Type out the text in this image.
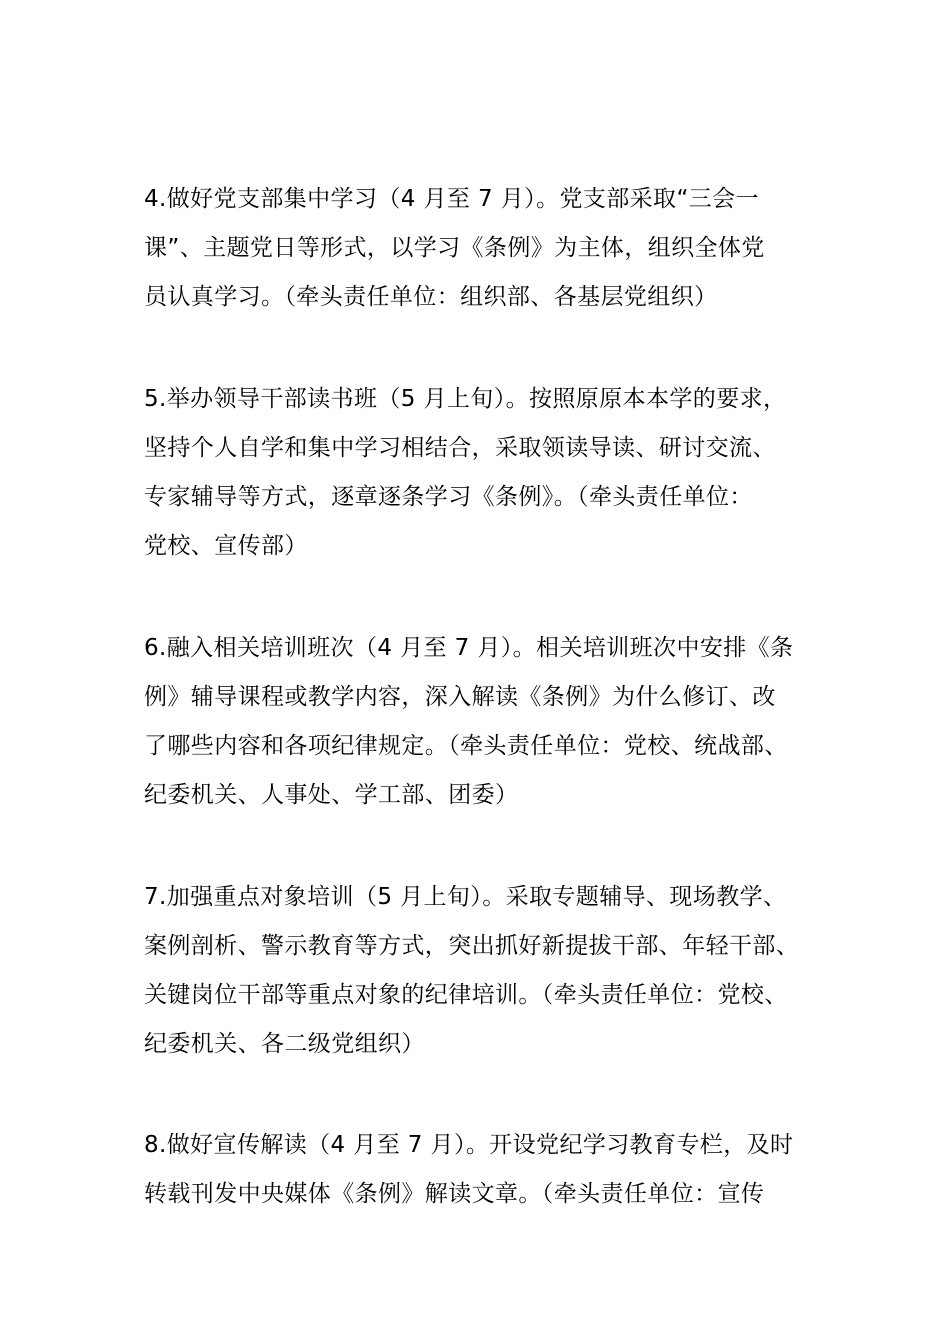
4.做好党支部集中学习（4 月至 7 月）。党支部采取“三会一
课”、主题党日等形式，以学习《条例》为主体，组织全体党
员认真学习。（牵头责任单位：组织部、各基层党组织）
5.举办领导干部读书班（5 月上旬）。按照原原本本学的要求，
坚持个人自学和集中学习相结合，采取领读导读、研讨交流、
专家辅导等方式，逐章逐条学习《条例》。（牵头责任单位：
党校、宣传部）
6.融入相关培训班次（4 月至 7 月）。相关培训班次中安排《条
例》辅导课程或教学内容，深入解读《条例》为什么修订、改
了哪些内容和各项纪律规定。（牵头责任单位：党校、统战部、
纪委机关、人事处、学工部、团委）
7.加强重点对象培训（5 月上旬）。采取专题辅导、现场教学、
案例剖析、警示教育等方式，突出抓好新提拔干部、年轻干部、
关键岗位干部等重点对象的纪律培训。（牵头责任单位：党校、
纪委机关、各二级党组织）
8.做好宣传解读（4 月至 7 月）。开设党纪学习教育专栏，及时
转载刊发中央媒体《条例》解读文章。（牵头责任单位：宣传
